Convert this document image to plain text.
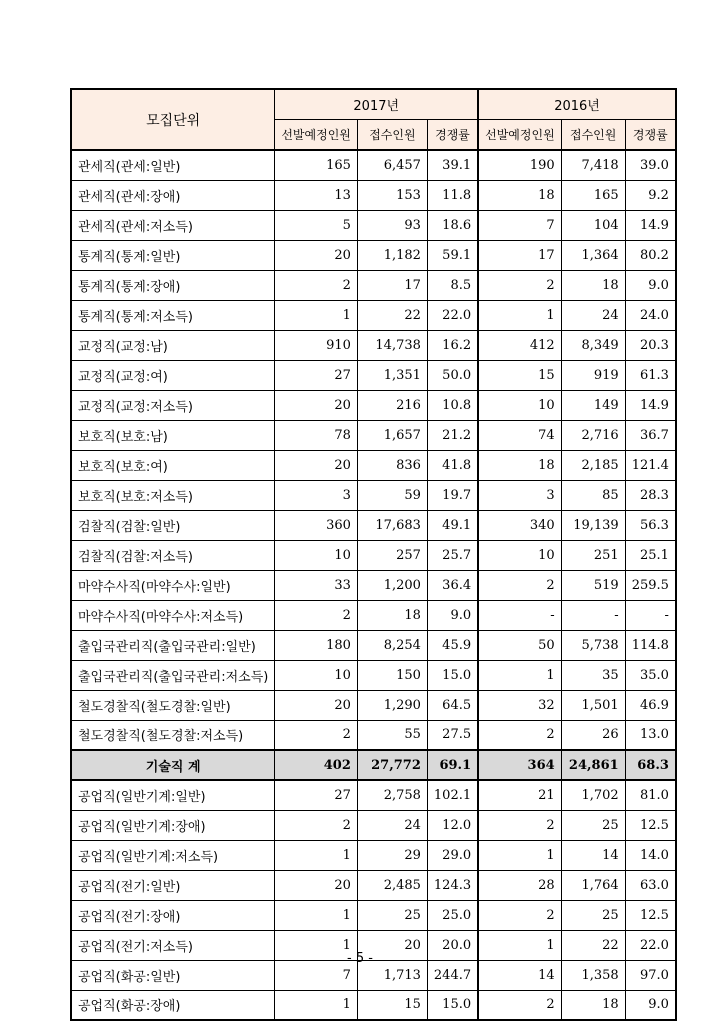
모집단위	2017년			2016년		
	선발예정인원	접수인원	경쟁률	선발예정인원	접수인원	경쟁률
관세직(관세:일반)	165	6,457	39.1	190	7,418	39.0
관세직(관세:장애)	13	153	11.8	18	165	9.2
관세직(관세:저소득)	5	93	18.6	7	104	14.9
통계직(통계:일반)	20	1,182	59.1	17	1,364	80.2
통계직(통계:장애)	2	17	8.5	2	18	9.0
통계직(통계:저소득)	1	22	22.0	1	24	24.0
교정직(교정:남)	910	14,738	16.2	412	8,349	20.3
교정직(교정:여)	27	1,351	50.0	15	919	61.3
교정직(교정:저소득)	20	216	10.8	10	149	14.9
보호직(보호:남)	78	1,657	21.2	74	2,716	36.7
보호직(보호:여)	20	836	41.8	18	2,185	121.4
보호직(보호:저소득)	3	59	19.7	3	85	28.3
검찰직(검찰:일반)	360	17,683	49.1	340	19,139	56.3
검찰직(검찰:저소득)	10	257	25.7	10	251	25.1
마약수사직(마약수사:일반)	33	1,200	36.4	2	519	259.5
마약수사직(마약수사:저소득)	2	18	9.0	-	-	-
출입국관리직(출입국관리:일반)	180	8,254	45.9	50	5,738	114.8
출입국관리직(출입국관리:저소득)	10	150	15.0	1	35	35.0
철도경찰직(철도경찰:일반)	20	1,290	64.5	32	1,501	46.9
철도경찰직(철도경찰:저소득)	2	55	27.5	2	26	13.0
기술직 계	402	27,772	69.1	364	24,861	68.3
공업직(일반기계:일반)	27	2,758	102.1	21	1,702	81.0
공업직(일반기계:장애)	2	24	12.0	2	25	12.5
공업직(일반기계:저소득)	1	29	29.0	1	14	14.0
공업직(전기:일반)	20	2,485	124.3	28	1,764	63.0
공업직(전기:장애)	1	25	25.0	2	25	12.5
공업직(전기:저소득)	1	20	20.0	1	22	22.0
공업직(화공:일반)	7	1,713	244.7	14	1,358	97.0
공업직(화공:장애)	1	15	15.0	2	18	9.0
- 5 -
